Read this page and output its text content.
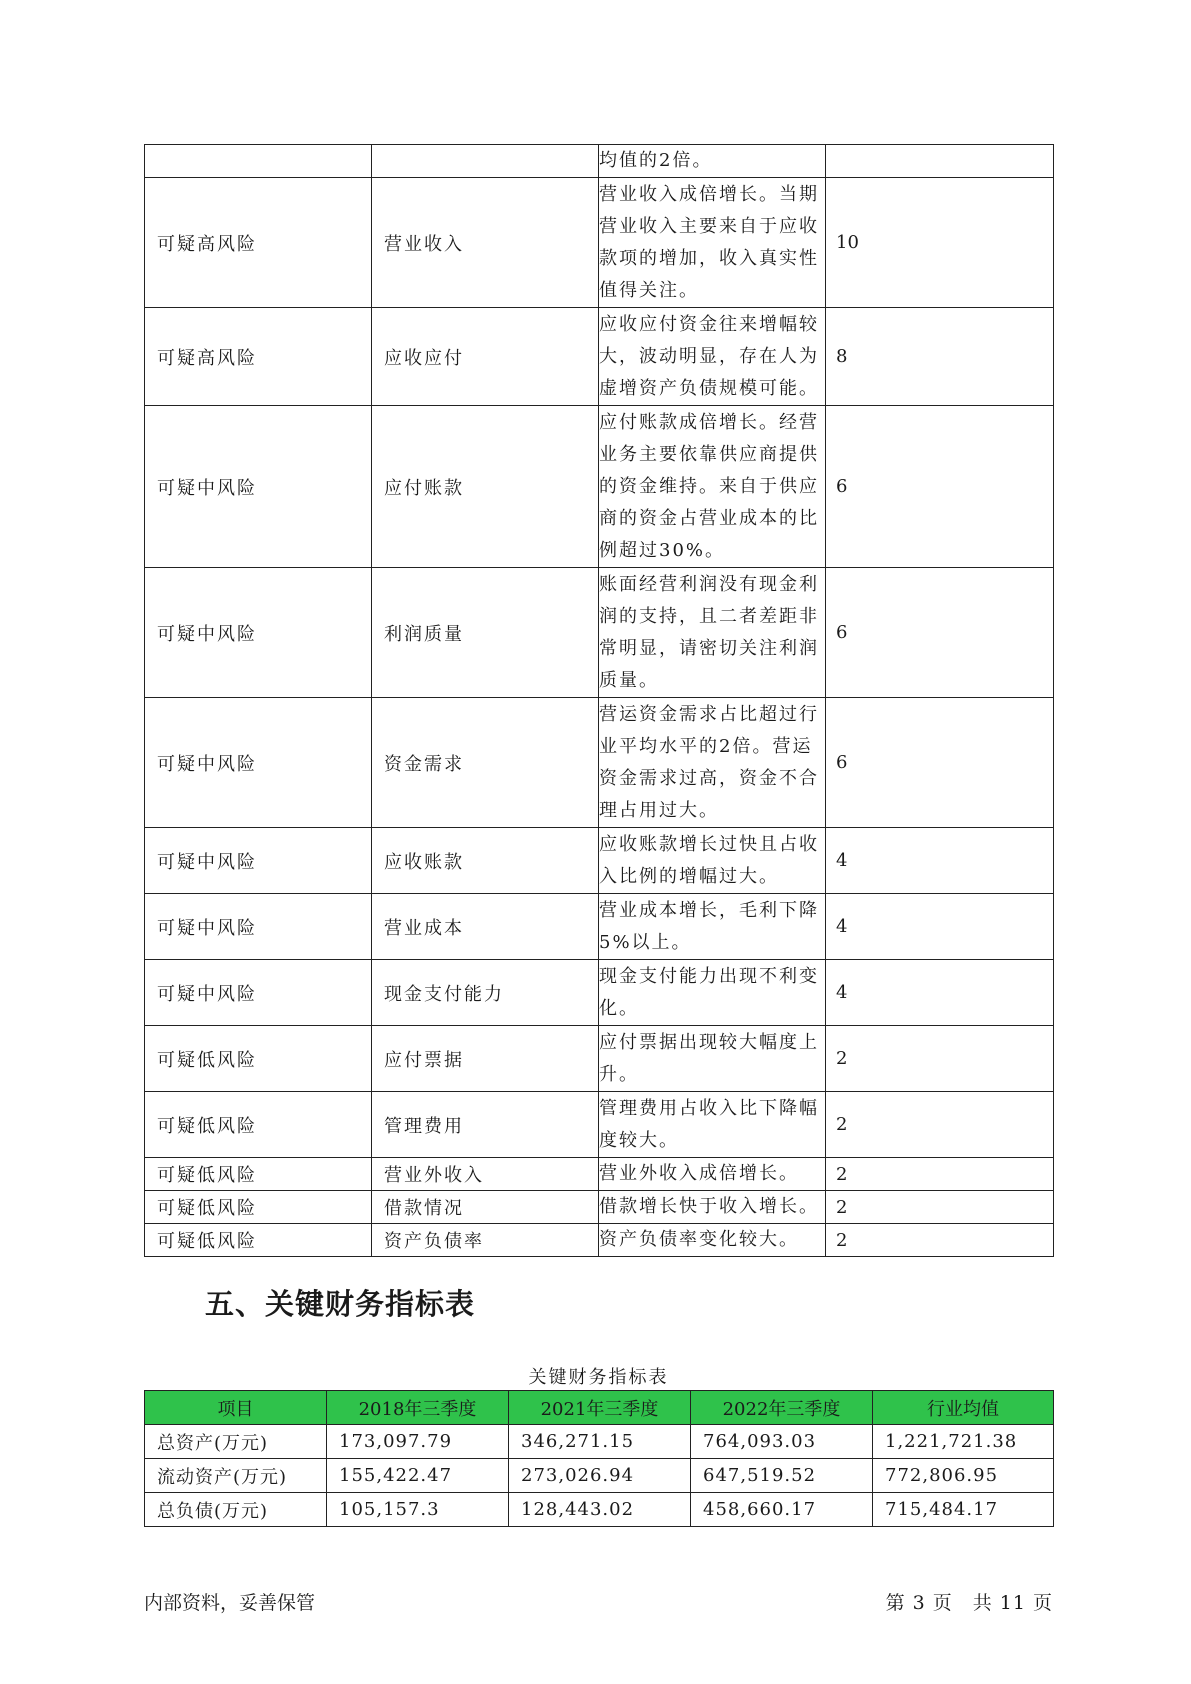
		均值的2倍。	

可疑高风险	营业收入	营业收入成倍增长。当期营业收入主要来自于应收款项的增加，收入真实性值得关注。	10
可疑高风险	应收应付	应收应付资金往来增幅较大，波动明显，存在人为虚增资产负债规模可能。	8
可疑中风险	应付账款	应付账款成倍增长。经营业务主要依靠供应商提供的资金维持。来自于供应商的资金占营业成本的比例超过30%。	6
可疑中风险	利润质量	账面经营利润没有现金利润的支持，且二者差距非常明显，请密切关注利润质量。	6
可疑中风险	资金需求	营运资金需求占比超过行业平均水平的2倍。营运资金需求过高，资金不合理占用过大。	6
可疑中风险	应收账款	应收账款增长过快且占收入比例的增幅过大。	4
可疑中风险	营业成本	营业成本增长，毛利下降5%以上。	4
可疑中风险	现金支付能力	现金支付能力出现不利变化。	4
可疑低风险	应付票据	应付票据出现较大幅度上升。	2
可疑低风险	管理费用	管理费用占收入比下降幅度较大。	2
可疑低风险	营业外收入	营业外收入成倍增长。	2
可疑低风险	借款情况	借款增长快于收入增长。	2
可疑低风险	资产负债率	资产负债率变化较大。	2
五、关键财务指标表
关键财务指标表
项目	2018年三季度	2021年三季度	2022年三季度	行业均值
总资产(万元)	173,097.79	346,271.15	764,093.03	1,221,721.38
流动资产(万元)	155,422.47	273,026.94	647,519.52	772,806.95
总负债(万元)	105,157.3	128,443.02	458,660.17	715,484.17
内部资料，妥善保管	第 3 页　共 11 页
